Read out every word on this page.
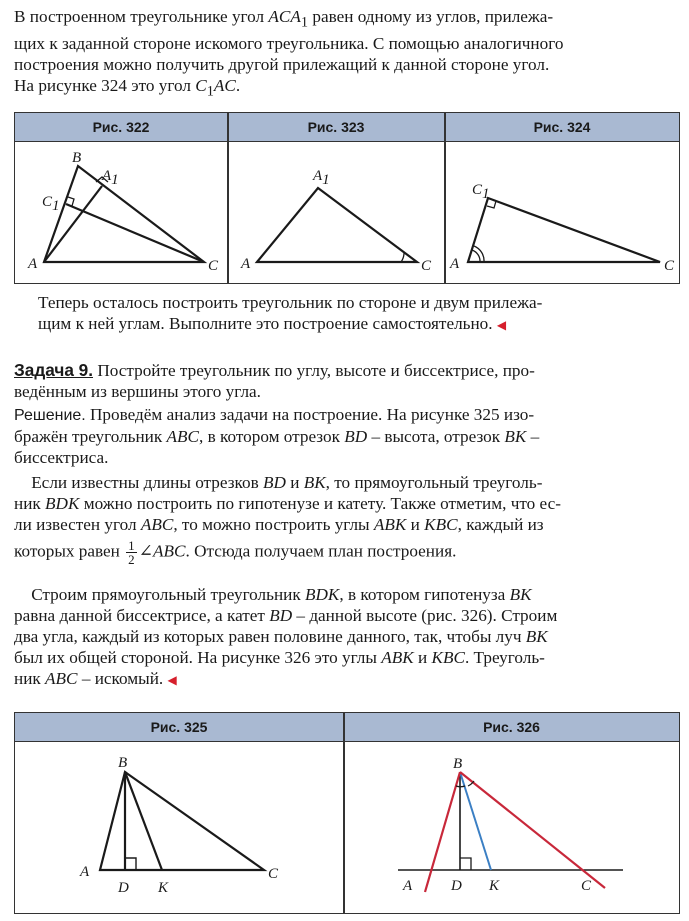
В построенном треугольнике угол $ACA_1$ равен одному из углов, прилежа-
щих к заданной стороне искомого треугольника. С помощью аналогичного
построения можно получить другой прилежащий к данной стороне угол.
На рисунке 324 это угол $C_1AC$.
Рис. 322	Рис. 323	Рис. 324
B
A1
C1
A	C
A1
A	C
C1
A	C
Теперь осталось построить треугольник по стороне и двум прилежа-
щим к ней углам. Выполните это построение самостоятельно. ◀
Задача 9. Постройте треугольник по углу, высоте и биссектрисе, про-
ведённым из вершины этого угла.
Решение. Проведём анализ задачи на построение. На рисунке 325 изо-
бражён треугольник ABC, в котором отрезок BD – высота, отрезок BK –
биссектриса.
Если известны длины отрезков BD и BK, то прямоугольный треуголь-
ник BDK можно построить по гипотенузе и катету. Также отметим, что ес-
ли известен угол ABC, то можно построить углы ABK и KBC, каждый из
которых равен $\frac{1}{2}$ ∠ABC. Отсюда получаем план построения.
Строим прямоугольный треугольник BDK, в котором гипотенуза BK
равна данной биссектрисе, а катет BD – данной высоте (рис. 326). Строим
два угла, каждый из которых равен половине данного, так, чтобы луч BK
был их общей стороной. На рисунке 326 это углы ABK и KBC. Треуголь-
ник ABC – искомый. ◀
Рис. 325	Рис. 326
B
A
D K
C
B
A	D K	C
